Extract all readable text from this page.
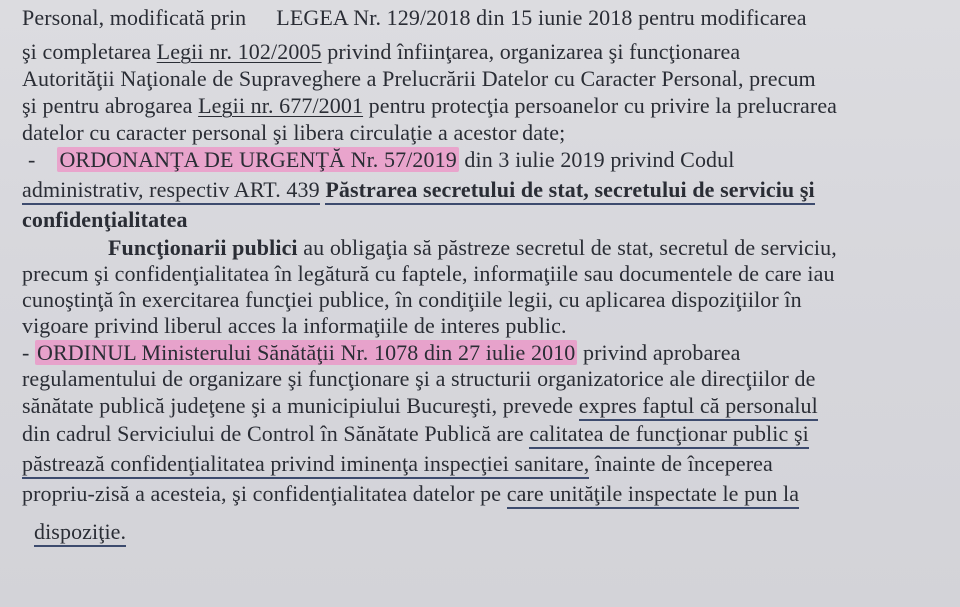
Personal, modificată prin LEGEA Nr. 129/2018 din 15 iunie 2018 pentru modificarea
şi completarea Legii nr. 102/2005 privind înfiinţarea, organizarea şi funcţionarea
Autorităţii Naţionale de Supraveghere a Prelucrării Datelor cu Caracter Personal, precum
şi pentru abrogarea Legii nr. 677/2001 pentru protecţia persoanelor cu privire la prelucrarea
datelor cu caracter personal şi libera circulaţie a acestor date;
- ORDONANŢA DE URGENŢĂ Nr. 57/2019 din 3 iulie 2019 privind Codul
administrativ, respectiv ART. 439 Păstrarea secretului de stat, secretului de serviciu şi
confidenţialitatea
Funcţionarii publici au obligaţia să păstreze secretul de stat, secretul de serviciu,
precum şi confidenţialitatea în legătură cu faptele, informaţiile sau documentele de care iau
cunoştinţă în exercitarea funcţiei publice, în condiţiile legii, cu aplicarea dispoziţiilor în
vigoare privind liberul acces la informaţiile de interes public.
- ORDINUL Ministerului Sănătăţii Nr. 1078 din 27 iulie 2010 privind aprobarea
regulamentului de organizare şi funcţionare şi a structurii organizatorice ale direcţiilor de
sănătate publică judeţene şi a municipiului Bucureşti, prevede expres faptul că personalul
din cadrul Serviciului de Control în Sănătate Publică are calitatea de funcţionar public şi
păstrează confidenţialitatea privind iminenţa inspecţiei sanitare, înainte de începerea
propriu-zisă a acesteia, şi confidenţialitatea datelor pe care unităţile inspectate le pun la
dispoziţie.
